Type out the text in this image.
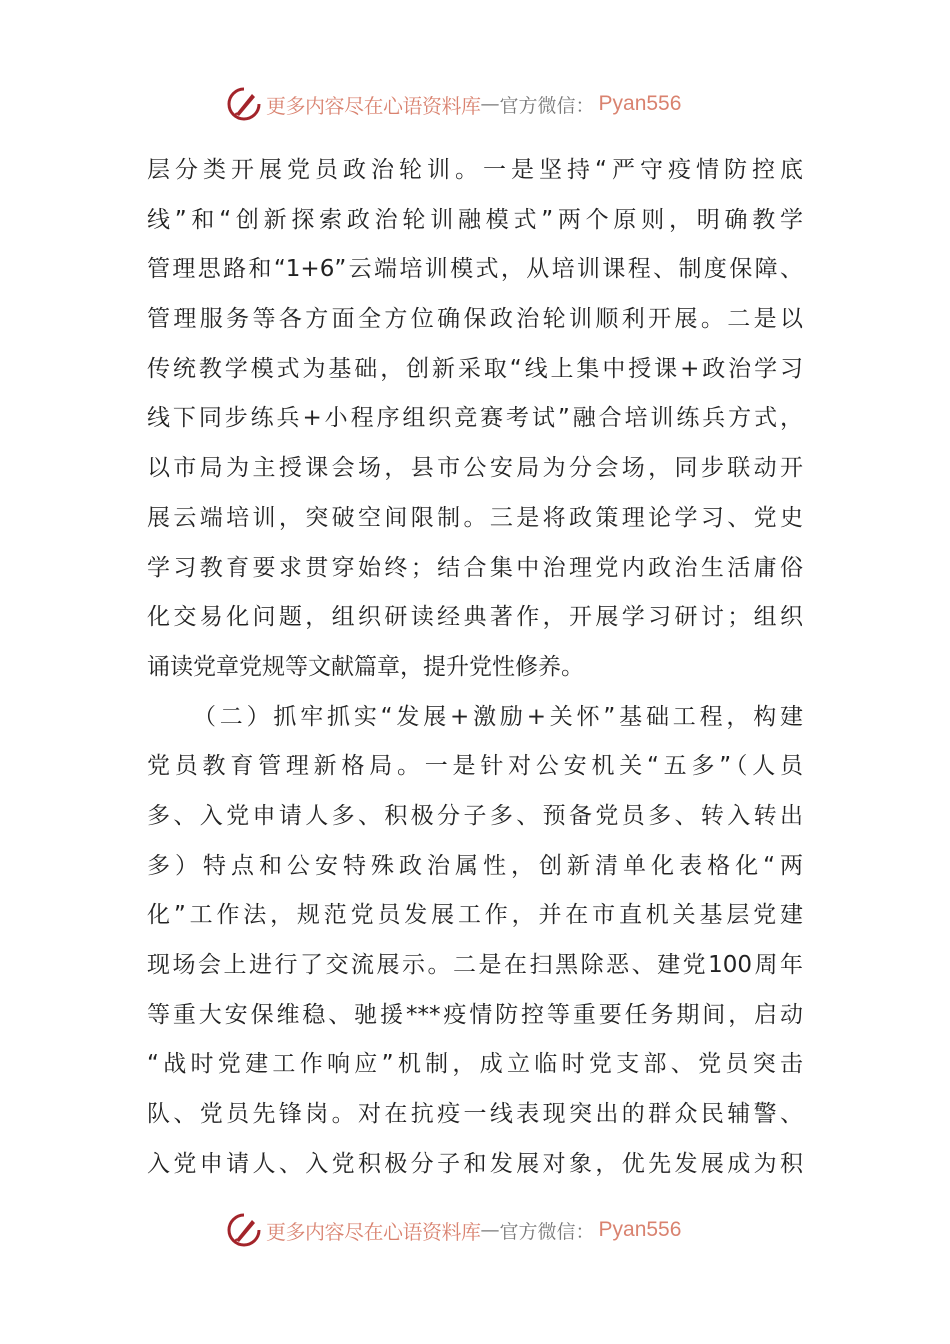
更多内容尽在心语资料库 — 官方微信： Pyan556
层分类开展党员政治轮训。一是坚持“严守疫情防控底
线”和“创新探索政治轮训融模式”两个原则，明确教学
管理思路和“1+6”云端培训模式，从培训课程、制度保障、
管理服务等各方面全方位确保政治轮训顺利开展。二是以
传统教学模式为基础，创新采取“线上集中授课+政治学习
线下同步练兵+小程序组织竞赛考试”融合培训练兵方式，
以市局为主授课会场，县市公安局为分会场，同步联动开
展云端培训，突破空间限制。三是将政策理论学习、党史
学习教育要求贯穿始终；结合集中治理党内政治生活庸俗
化交易化问题，组织研读经典著作，开展学习研讨；组织
诵读党章党规等文献篇章，提升党性修养。
（二）抓牢抓实“发展+激励+关怀”基础工程，构建
党员教育管理新格局。一是针对公安机关“五多”（人员
多、入党申请人多、积极分子多、预备党员多、转入转出
多）特点和公安特殊政治属性，创新清单化表格化“两
化”工作法，规范党员发展工作，并在市直机关基层党建
现场会上进行了交流展示。二是在扫黑除恶、建党100周年
等重大安保维稳、驰援***疫情防控等重要任务期间，启动
“战时党建工作响应”机制，成立临时党支部、党员突击
队、党员先锋岗。对在抗疫一线表现突出的群众民辅警、
入党申请人、入党积极分子和发展对象，优先发展成为积
更多内容尽在心语资料库 — 官方微信： Pyan556
